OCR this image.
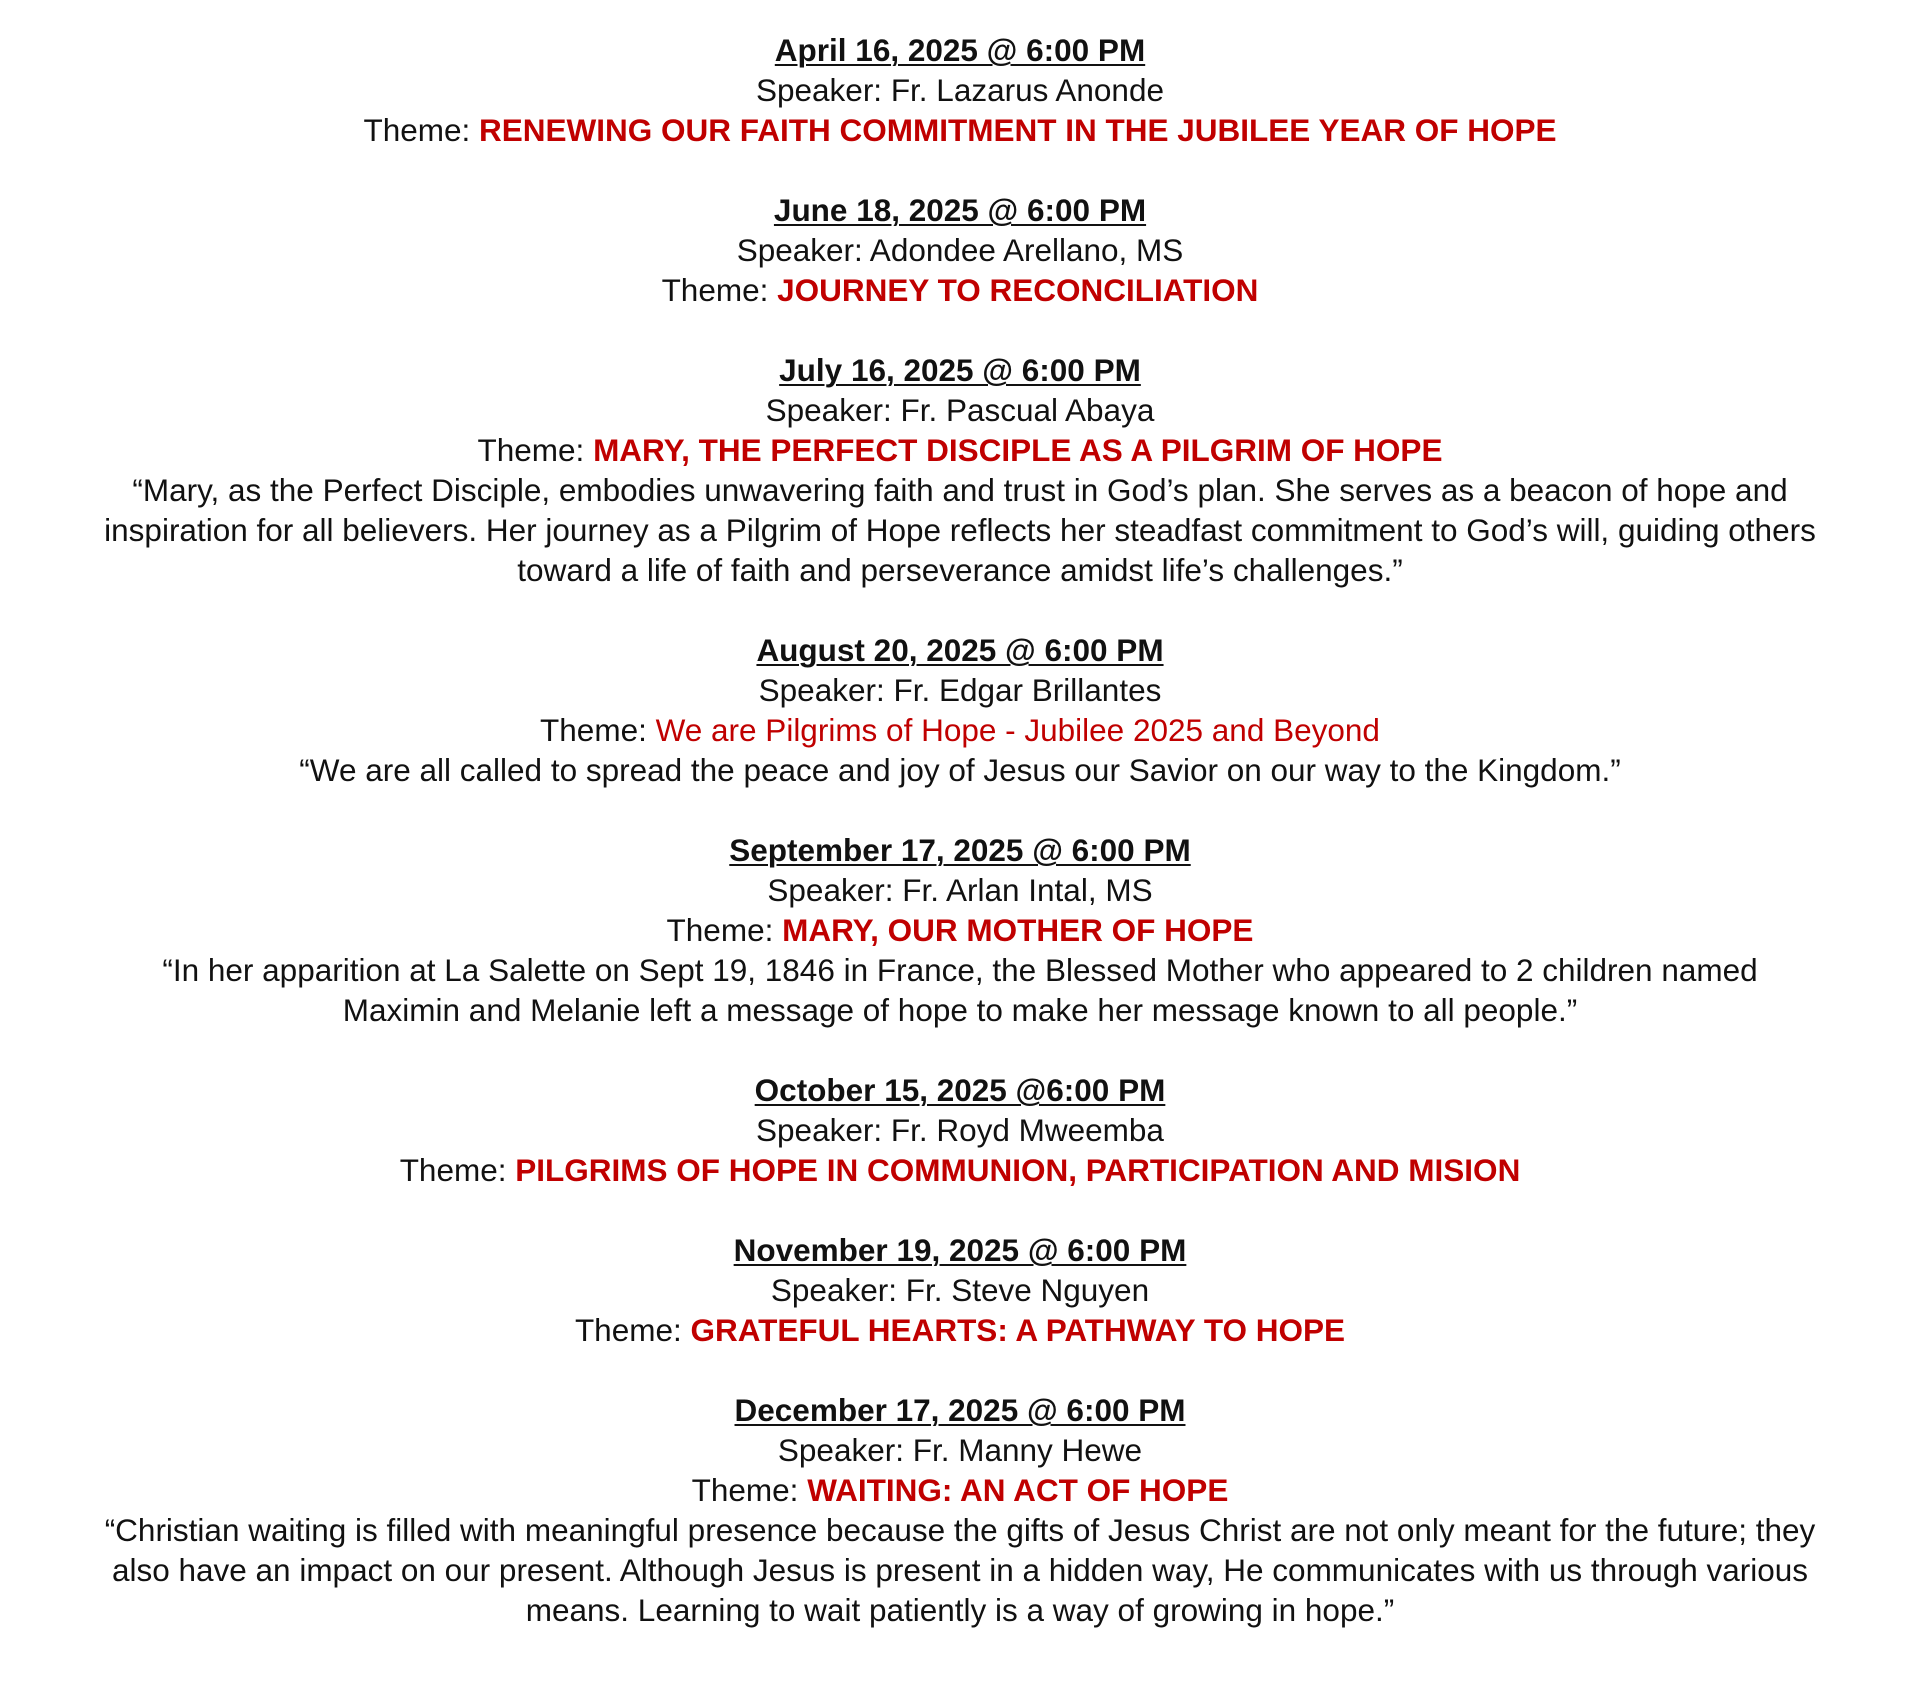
April 16, 2025 @ 6:00 PM
Speaker: Fr. Lazarus Anonde
Theme: RENEWING OUR FAITH COMMITMENT IN THE JUBILEE YEAR OF HOPE
June 18, 2025 @ 6:00 PM
Speaker: Adondee Arellano, MS
Theme: JOURNEY TO RECONCILIATION
July 16, 2025 @ 6:00 PM
Speaker: Fr. Pascual Abaya
Theme: MARY, THE PERFECT DISCIPLE AS A PILGRIM OF HOPE
“Mary, as the Perfect Disciple, embodies unwavering faith and trust in God’s plan. She serves as a beacon of hope and inspiration for all believers. Her journey as a Pilgrim of Hope reflects her steadfast commitment to God’s will, guiding others toward a life of faith and perseverance amidst life’s challenges.”
August 20, 2025 @ 6:00 PM
Speaker: Fr. Edgar Brillantes
Theme: We are Pilgrims of Hope - Jubilee 2025 and Beyond
“We are all called to spread the peace and joy of Jesus our Savior on our way to the Kingdom.”
September 17, 2025 @ 6:00 PM
Speaker: Fr. Arlan Intal, MS
Theme: MARY, OUR MOTHER OF HOPE
“In her apparition at La Salette on Sept 19, 1846 in France, the Blessed Mother who appeared to 2 children named Maximin and Melanie left a message of hope to make her message known to all people.”
October 15, 2025 @6:00 PM
Speaker: Fr. Royd Mweemba
Theme: PILGRIMS OF HOPE IN COMMUNION, PARTICIPATION AND MISION
November 19, 2025 @ 6:00 PM
Speaker: Fr. Steve Nguyen
Theme: GRATEFUL HEARTS: A PATHWAY TO HOPE
December 17, 2025 @ 6:00 PM
Speaker: Fr. Manny Hewe
Theme: WAITING: AN ACT OF HOPE
“Christian waiting is filled with meaningful presence because the gifts of Jesus Christ are not only meant for the future; they also have an impact on our present. Although Jesus is present in a hidden way, He communicates with us through various means. Learning to wait patiently is a way of growing in hope.”
